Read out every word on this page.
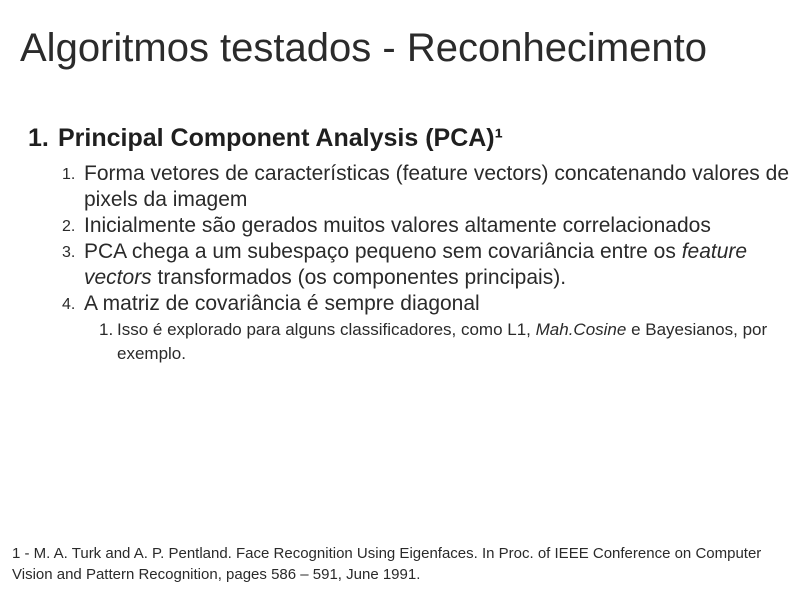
Algoritmos testados - Reconhecimento
1. Principal Component Analysis (PCA)¹
1. Forma vetores de características (feature vectors) concatenando valores de pixels da imagem
2. Inicialmente são gerados muitos valores altamente correlacionados
3. PCA chega a um subespaço pequeno sem covariância entre os feature vectors transformados (os componentes principais).
4. A matriz de covariância é sempre diagonal
1. Isso é explorado para alguns classificadores, como L1, Mah.Cosine e Bayesianos, por exemplo.
1 - M. A. Turk and A. P. Pentland. Face Recognition Using Eigenfaces. In Proc. of IEEE Conference on Computer Vision and Pattern Recognition, pages 586 – 591, June 1991.
